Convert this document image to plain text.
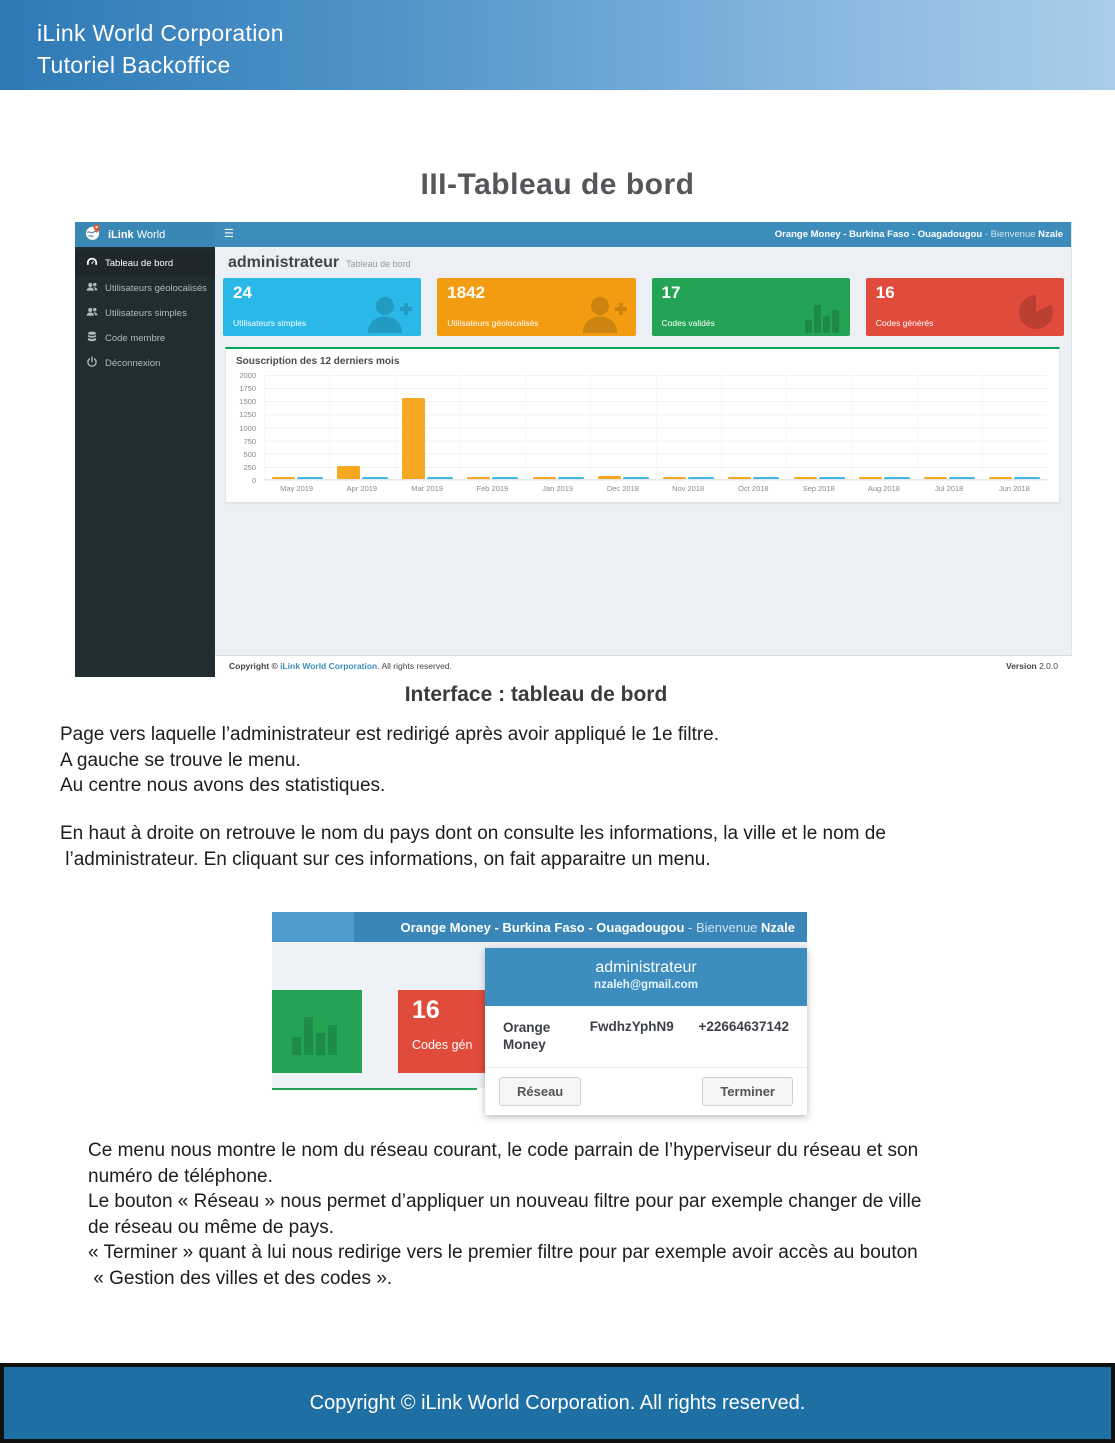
iLink World Corporation
Tutoriel Backoffice
III-Tableau de bord
iLink World	☰	Orange Money - Burkina Faso - Ouagadougou - Bienvenue Nzale
Tableau de bord
Utilisateurs géolocalisés
Utilisateurs simples
Code membre
Déconnexion
administrateur Tableau de bord
24
Utilisateurs simples
1842
Utilisateurs géolocalisés
17
Codes validés
16
Codes générés
Souscription des 12 derniers mois
2000
1750
1500
1250
1000
750
500
250
0
May 2019	Apr 2019	Mar 2019	Feb 2019	Jan 2019	Dec 2018	Nov 2018	Oct 2018	Sep 2018	Aug 2018	Jul 2018	Jun 2018
Copyright © iLink World Corporation. All rights reserved.	Version 2.0.0
Interface : tableau de bord
Page vers laquelle l’administrateur est redirigé après avoir appliqué le 1e filtre.
A gauche se trouve le menu.
Au centre nous avons des statistiques.
En haut à droite on retrouve le nom du pays dont on consulte les informations, la ville et le nom de
l’administrateur. En cliquant sur ces informations, on fait apparaitre un menu.
Orange Money - Burkina Faso - Ouagadougou - Bienvenue Nzale
16
Codes gén
administrateur
nzaleh@gmail.com
Orange Money
FwdhzYphN9 +22664637142
Réseau	Terminer
Ce menu nous montre le nom du réseau courant, le code parrain de l’hyperviseur du réseau et son
numéro de téléphone.
Le bouton « Réseau » nous permet d’appliquer un nouveau filtre pour par exemple changer de ville
de réseau ou même de pays.
« Terminer » quant à lui nous redirige vers le premier filtre pour par exemple avoir accès au bouton
« Gestion des villes et des codes ».
Copyright © iLink World Corporation. All rights reserved.
